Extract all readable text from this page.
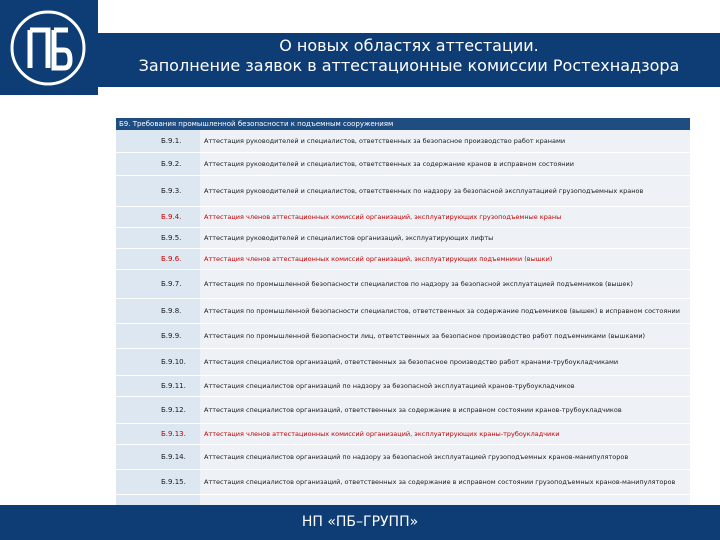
О новых областях аттестации.
Заполнение заявок в аттестационные комиссии Ростехнадзора
Б9. Требования промышленной безопасности к подъемным сооружениям
Б.9.1.	Аттестация руководителей и специалистов, ответственных за безопасное производство работ кранами
Б.9.2.	Аттестация руководителей и специалистов, ответственных за содержание кранов в исправном состоянии
Б.9.3.	Аттестация руководителей и специалистов, ответственных по надзору за безопасной эксплуатацией грузоподъемных кранов
Б.9.4.	Аттестация членов аттестационных комиссий организаций, эксплуатирующих грузоподъемные краны
Б.9.5.	Аттестация руководителей и специалистов организаций, эксплуатирующих лифты
Б.9.6.	Аттестация членов аттестационных комиссий организаций, эксплуатирующих подъемники (вышки)
Б.9.7.	Аттестация по промышленной безопасности специалистов по надзору за безопасной эксплуатацией подъемников (вышек)
Б.9.8.	Аттестация по промышленной безопасности специалистов, ответственных за содержание подъемников (вышек) в исправном состоянии
Б.9.9.	Аттестация по промышленной безопасности лиц, ответственных за безопасное производство работ подъемниками (вышками)
Б.9.10.	Аттестация специалистов организаций, ответственных за безопасное производство работ кранами-трубоукладчиками
Б.9.11.	Аттестация специалистов организаций по надзору за безопасной эксплуатацией кранов-трубоукладчиков
Б.9.12.	Аттестация специалистов организаций, ответственных за содержание в исправном состоянии кранов-трубоукладчиков
Б.9.13.	Аттестация членов аттестационных комиссий организаций, эксплуатирующих краны-трубоукладчики
Б.9.14.	Аттестация специалистов организаций по надзору за безопасной эксплуатацией грузоподъемных кранов-манипуляторов
Б.9.15.	Аттестация специалистов организаций, ответственных за содержание в исправном состоянии грузоподъемных кранов-манипуляторов
НП «ПБ–ГРУПП»
